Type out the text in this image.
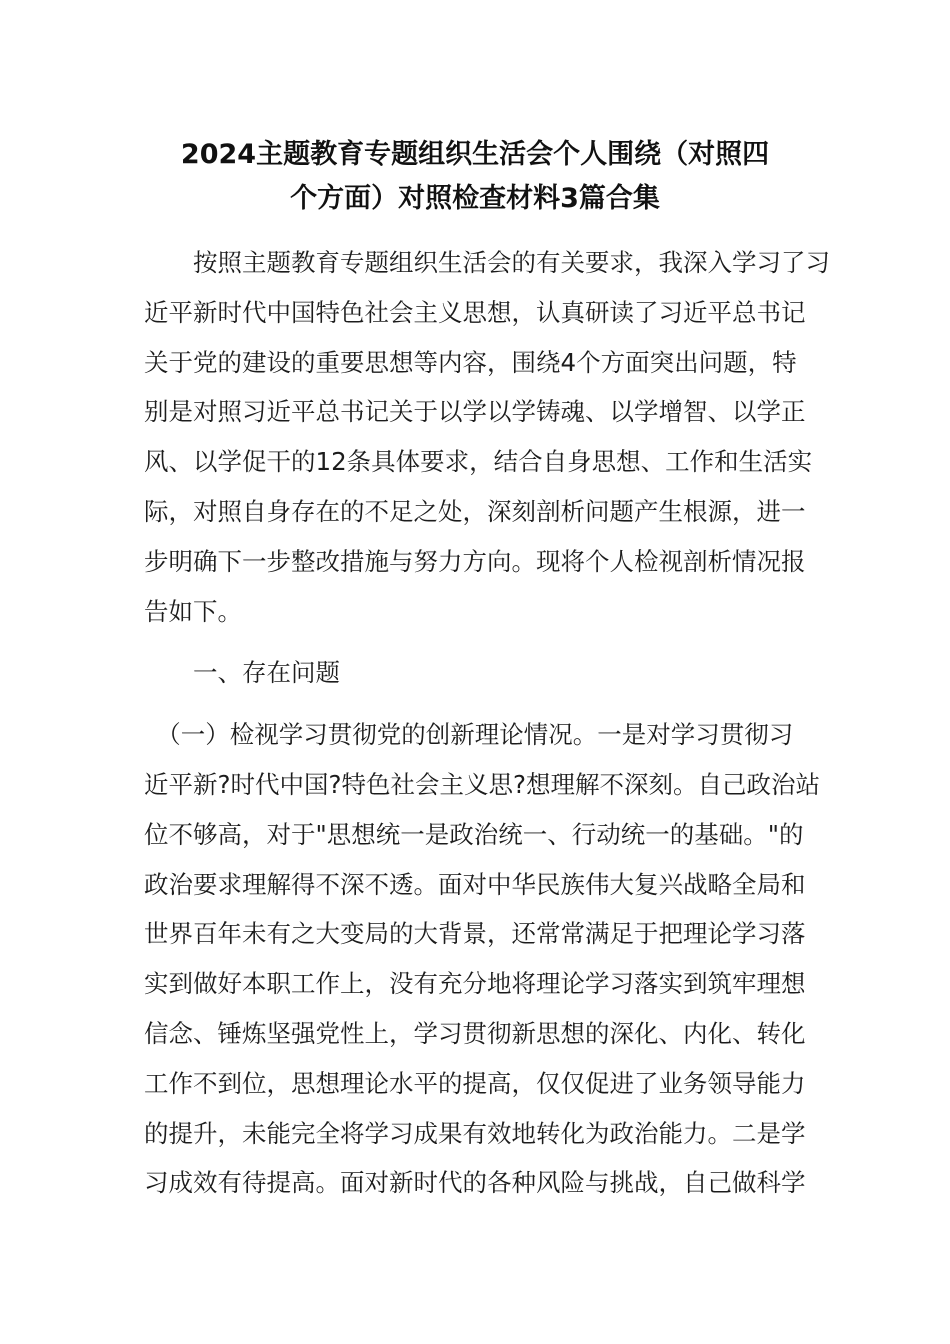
2024主题教育专题组织生活会个人围绕（对照四
个方面）对照检查材料3篇合集
　　按照主题教育专题组织生活会的有关要求，我深入学习了习
近平新时代中国特色社会主义思想，认真研读了习近平总书记
关于党的建设的重要思想等内容，围绕4个方面突出问题，特
别是对照习近平总书记关于以学以学铸魂、以学增智、以学正
风、以学促干的12条具体要求，结合自身思想、工作和生活实
际，对照自身存在的不足之处，深刻剖析问题产生根源，进一
步明确下一步整改措施与努力方向。现将个人检视剖析情况报
告如下。
　　一、存在问题
　（一）检视学习贯彻党的创新理论情况。一是对学习贯彻习
近平新?时代中国?特色社会主义思?想理解不深刻。自己政治站
位不够高，对于"思想统一是政治统一、行动统一的基础。"的
政治要求理解得不深不透。面对中华民族伟大复兴战略全局和
世界百年未有之大变局的大背景，还常常满足于把理论学习落
实到做好本职工作上，没有充分地将理论学习落实到筑牢理想
信念、锤炼坚强党性上，学习贯彻新思想的深化、内化、转化
工作不到位，思想理论水平的提高，仅仅促进了业务领导能力
的提升，未能完全将学习成果有效地转化为政治能力。二是学
习成效有待提高。面对新时代的各种风险与挑战，自己做科学
